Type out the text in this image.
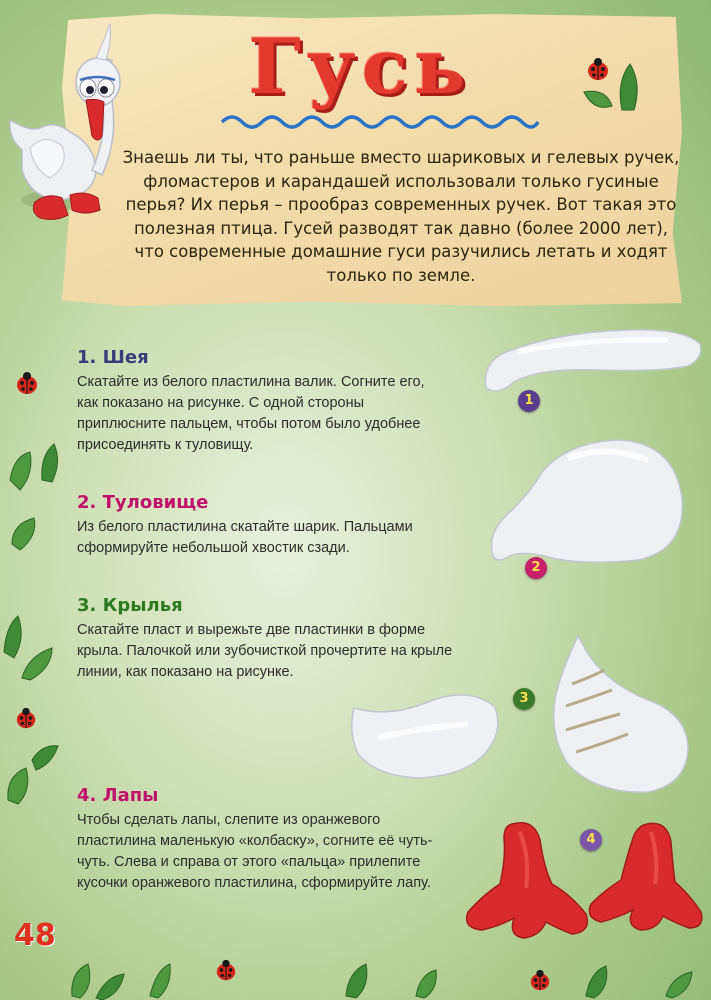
Гусь
Знаешь ли ты, что раньше вместо шариковых и гелевых ручек, фломастеров и карандашей использовали только гусиные перья? Их перья – прообраз современных ручек. Вот такая это полезная птица. Гусей разводят так давно (более 2000 лет), что современные домашние гуси разучились летать и ходят только по земле.
1. Шея
Скатайте из белого пластилина валик. Согните его, как показано на рисунке. С одной стороны приплюсните пальцем, чтобы потом было удобнее присоединять к туловищу.
1
2. Туловище
Из белого пластилина скатайте шарик. Пальцами сформируйте небольшой хвостик сзади.
2
3. Крылья
Скатайте пласт и вырежьте две пластинки в форме крыла. Палочкой или зубочисткой прочертите на крыле линии, как показано на рисунке.
3
4. Лапы
Чтобы сделать лапы, слепите из оранжевого пластилина маленькую «колбаску», согните её чуть-чуть. Слева и справа от этого «пальца» прилепите кусочки оранжевого пластилина, сформируйте лапу.
4
48
